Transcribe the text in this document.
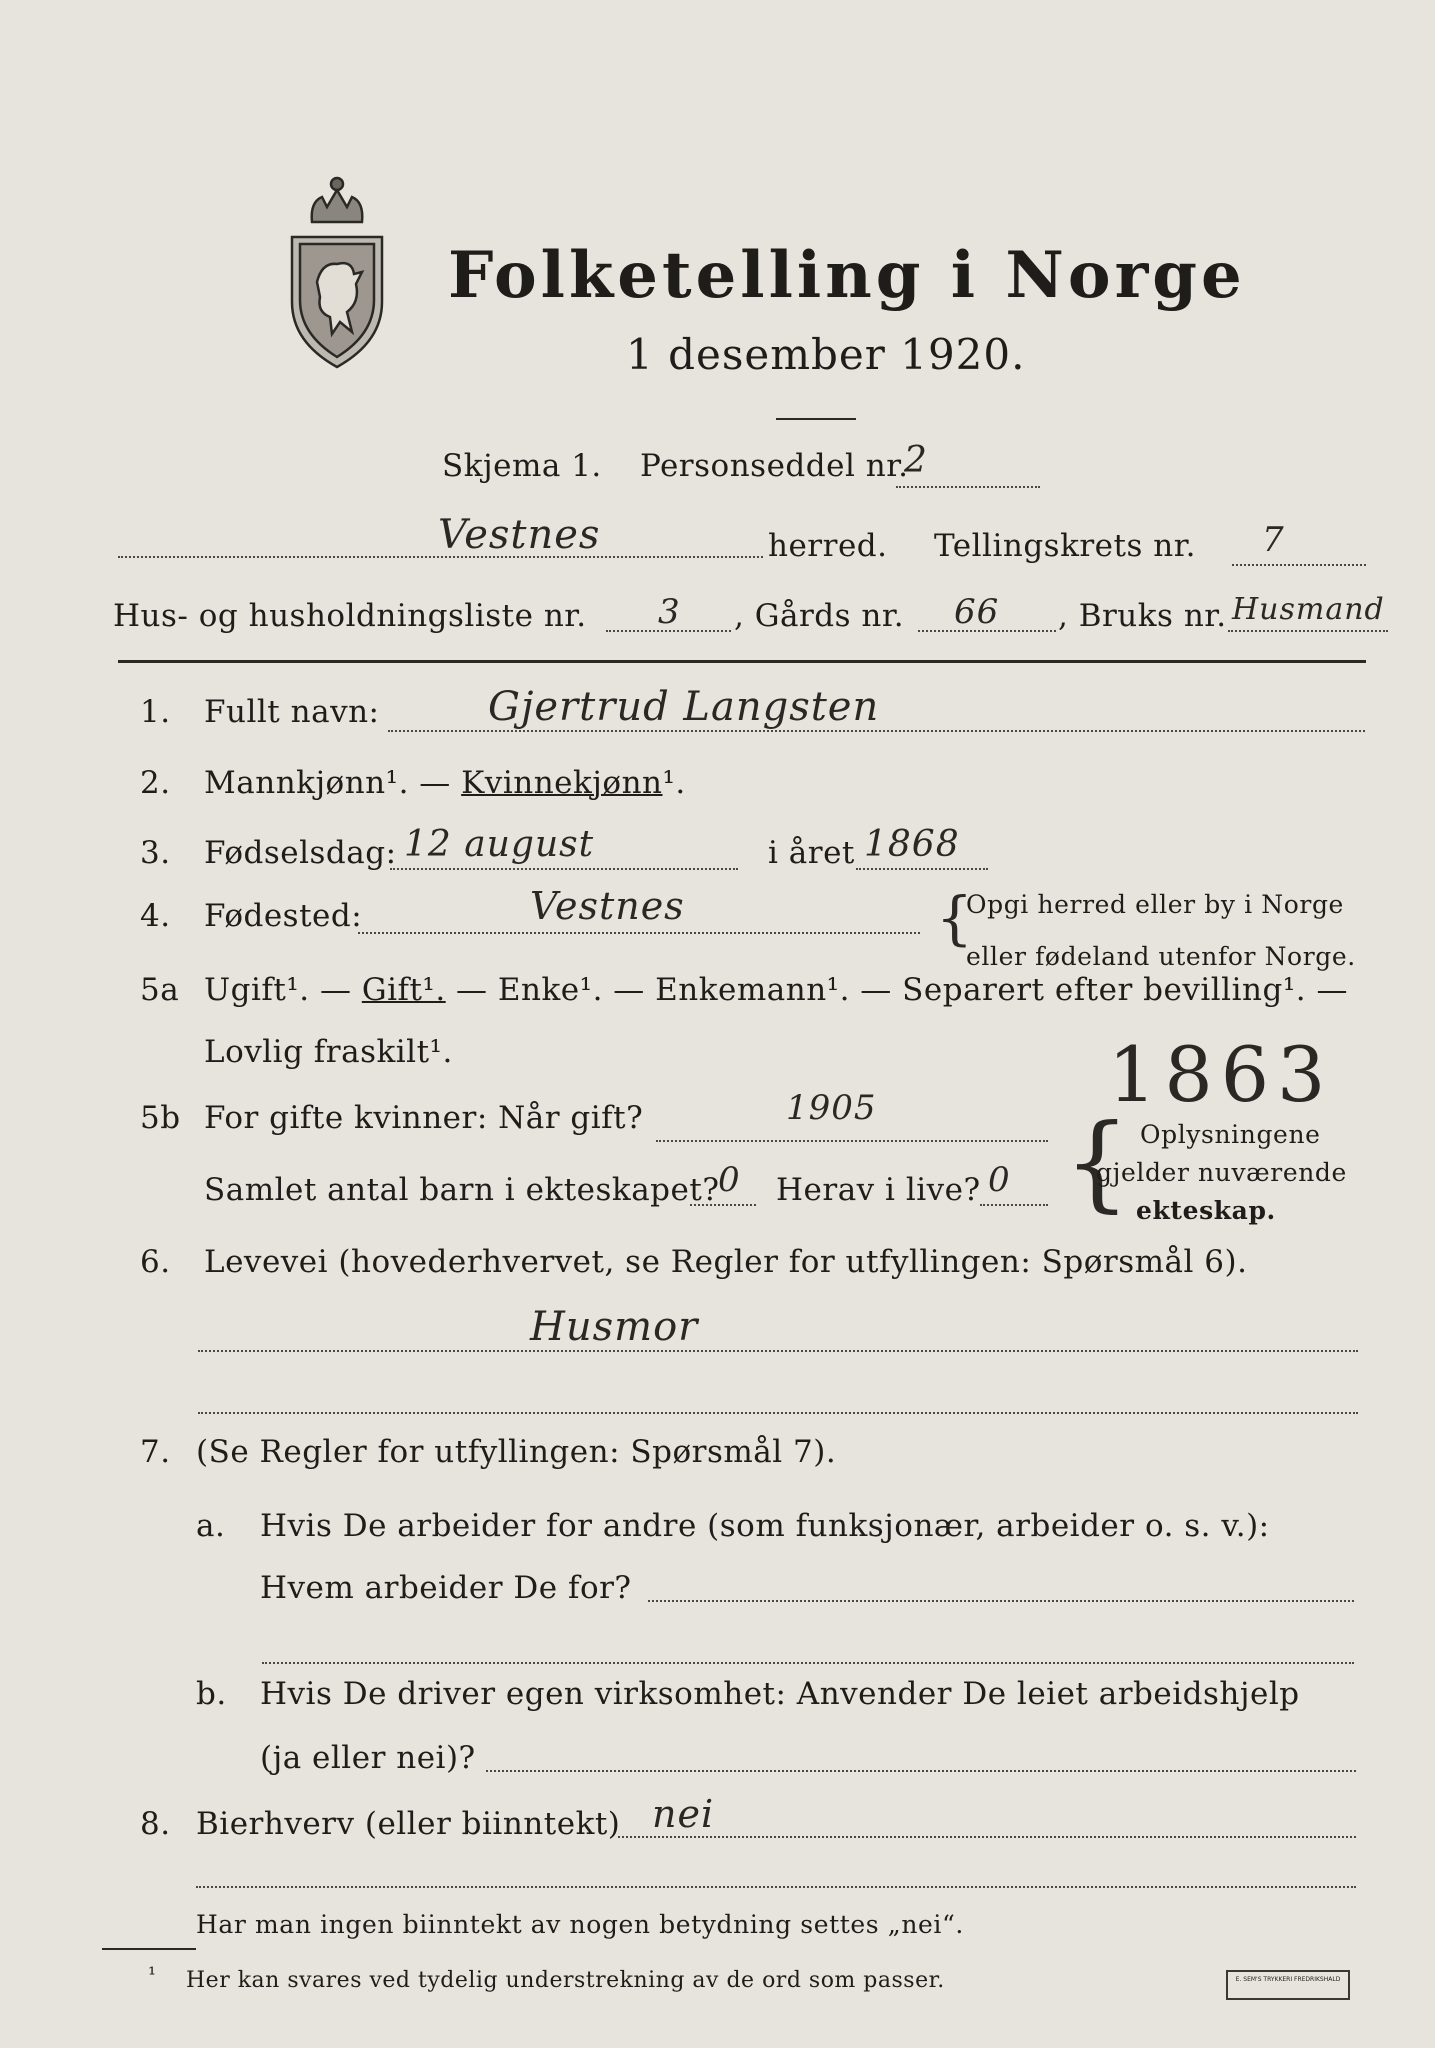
Folketelling i Norge
1 desember 1920.
Skjema 1. Personseddel nr.
2
Vestnes	herred. Tellingskrets nr. 7
Hus- og husholdningsliste nr. 3 , Gårds nr. 66 , Bruks nr. Husmand
1. Fullt navn:	Gjertrud Langsten
2. Mannkjønn¹. — Kvinnekjønn¹.
3. Fødselsdag: 12 august	i året 1868
4. Fødested:	Vestnes	{
Opgi herred eller by i Norge
eller fødeland utenfor Norge.
5a Ugift¹. — Gift¹. — Enke¹. — Enkemann¹. — Separert efter bevilling¹. —
Lovlig fraskilt¹.	1863
5b For gifte kvinner: Når gift?	1905
Samlet antal barn i ekteskapet?
0 Herav i live? 0 { Oplysningene
gjelder nuværende
ekteskap.
6. Levevei (hovederhvervet, se Regler for utfyllingen: Spørsmål 6).
Husmor
7. (Se Regler for utfyllingen: Spørsmål 7).
a. Hvis De arbeider for andre (som funksjonær, arbeider o. s. v.):
Hvem arbeider De for?
b. Hvis De driver egen virksomhet: Anvender De leiet arbeidshjelp
(ja eller nei)?
8. Bierhverv (eller biinntekt) nei
Har man ingen biinntekt av nogen betydning settes „nei“.
¹ Her kan svares ved tydelig understrekning av de ord som passer.	E. SEM'S TRYKKERI FREDRIKSHALD
